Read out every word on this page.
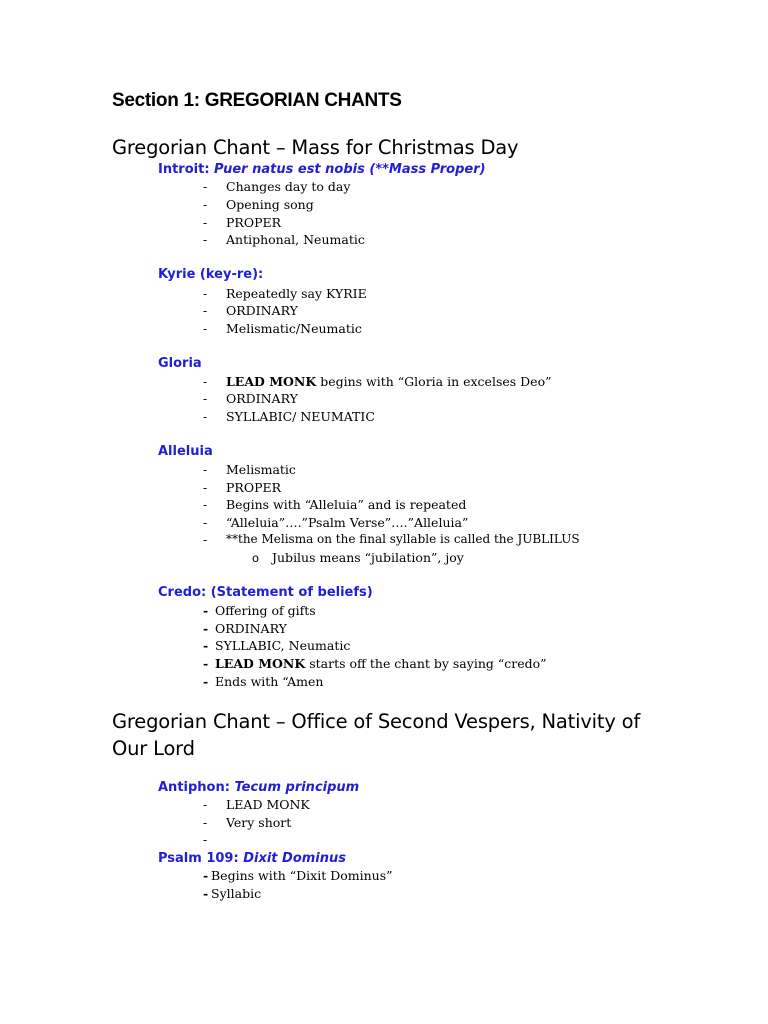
Section 1: GREGORIAN CHANTS
Gregorian Chant – Mass for Christmas Day
Introit: Puer natus est nobis (**Mass Proper)
- Changes day to day
- Opening song
- PROPER
- Antiphonal, Neumatic
Kyrie (key-re):
- Repeatedly say KYRIE
- ORDINARY
- Melismatic/Neumatic
Gloria
- LEAD MONK begins with “Gloria in excelses Deo”
- ORDINARY
- SYLLABIC/ NEUMATIC
Alleluia
- Melismatic
- PROPER
- Begins with “Alleluia” and is repeated
- “Alleluia”….”Psalm Verse”….”Alleluia”
- **the Melisma on the final syllable is called the JUBLILUS
o Jubilus means “jubilation”, joy
Credo: (Statement of beliefs)
- Offering of gifts
- ORDINARY
- SYLLABIC, Neumatic
- LEAD MONK starts off the chant by saying “credo”
- Ends with “Amen
Gregorian Chant – Office of Second Vespers, Nativity of
Our Lord
Antiphon: Tecum principum
- LEAD MONK
- Very short
-
Psalm 109: Dixit Dominus
- Begins with “Dixit Dominus”
- Syllabic
